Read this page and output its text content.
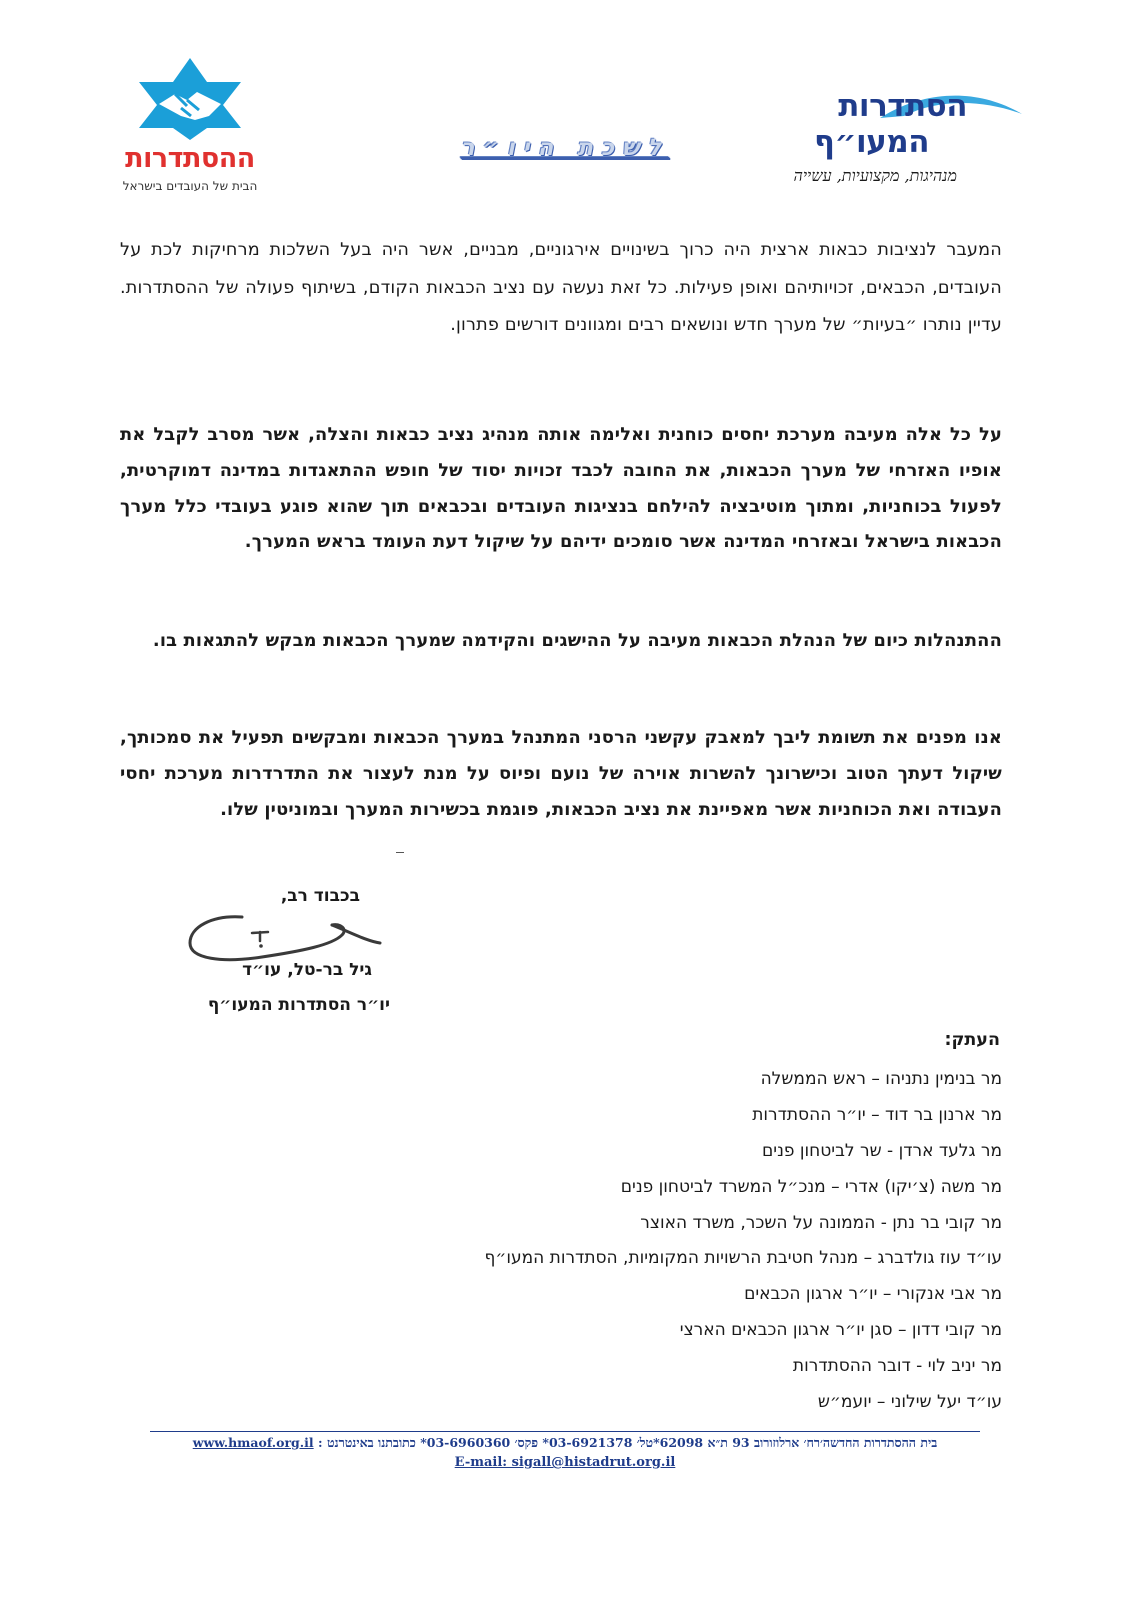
ההסתדרות
הבית של העובדים בישראל
לשכת היו״ר
הסתדרות
המעו״ף
מנהיגות, מקצועיות, עשייה
המעבר לנציבות כבאות ארצית היה כרוך בשינויים אירגוניים, מבניים, אשר היה בעל השלכות מרחיקות לכת על העובדים, הכבאים, זכויותיהם ואופן פעילות. כל זאת נעשה עם נציב הכבאות הקודם, בשיתוף פעולה של ההסתדרות. עדיין נותרו ״בעיות״ של מערך חדש ונושאים רבים ומגוונים דורשים פתרון.
על כל אלה מעיבה מערכת יחסים כוחנית ואלימה אותה מנהיג נציב כבאות והצלה, אשר מסרב לקבל את אופיו האזרחי של מערך הכבאות, את החובה לכבד זכויות יסוד של חופש ההתאגדות במדינה דמוקרטית, לפעול בכוחניות, ומתוך מוטיבציה להילחם בנציגות העובדים ובכבאים תוך שהוא פוגע בעובדי כלל מערך הכבאות בישראל ובאזרחי המדינה אשר סומכים ידיהם על שיקול דעת העומד בראש המערך.
ההתנהלות כיום של הנהלת הכבאות מעיבה על ההישגים והקידמה שמערך הכבאות מבקש להתגאות בו.
אנו מפנים את תשומת ליבך למאבק עקשני הרסני המתנהל במערך הכבאות ומבקשים תפעיל את סמכותך, שיקול דעתך הטוב וכישרונך להשרות אוירה של נועם ופיוס על מנת לעצור את התדרדרות מערכת יחסי העבודה ואת הכוחניות אשר מאפיינת את נציב הכבאות, פוגמת בכשירות המערך ובמוניטין שלו.
בכבוד רב,
גיל בר-טל, עו״ד
יו״ר הסתדרות המעו״ף
העתק:
מר בנימין נתניהו – ראש הממשלה
מר ארנון בר דוד – יו״ר ההסתדרות
מר גלעד ארדן - שר לביטחון פנים
מר משה (צ׳יקו) אדרי – מנכ״ל המשרד לביטחון פנים
מר קובי בר נתן - הממונה על השכר, משרד האוצר
עו״ד עוז גולדברג – מנהל חטיבת הרשויות המקומיות, הסתדרות המעו״ף
מר אבי אנקורי – יו״ר ארגון הכבאים
מר קובי דדון – סגן יו״ר ארגון הכבאים הארצי
מר יניב לוי - דובר ההסתדרות
עו״ד יעל שילוני – יועמ״ש
www.hmaof.org.il בית ההסתדרות החדשה׳רח׳ ארלוזורוב 93 ת״א 62098*טל׳ 03-6921378* פקס׳ 03-6960360* כתובתנו באינטרנט :
E-mail: sigall@histadrut.org.il
